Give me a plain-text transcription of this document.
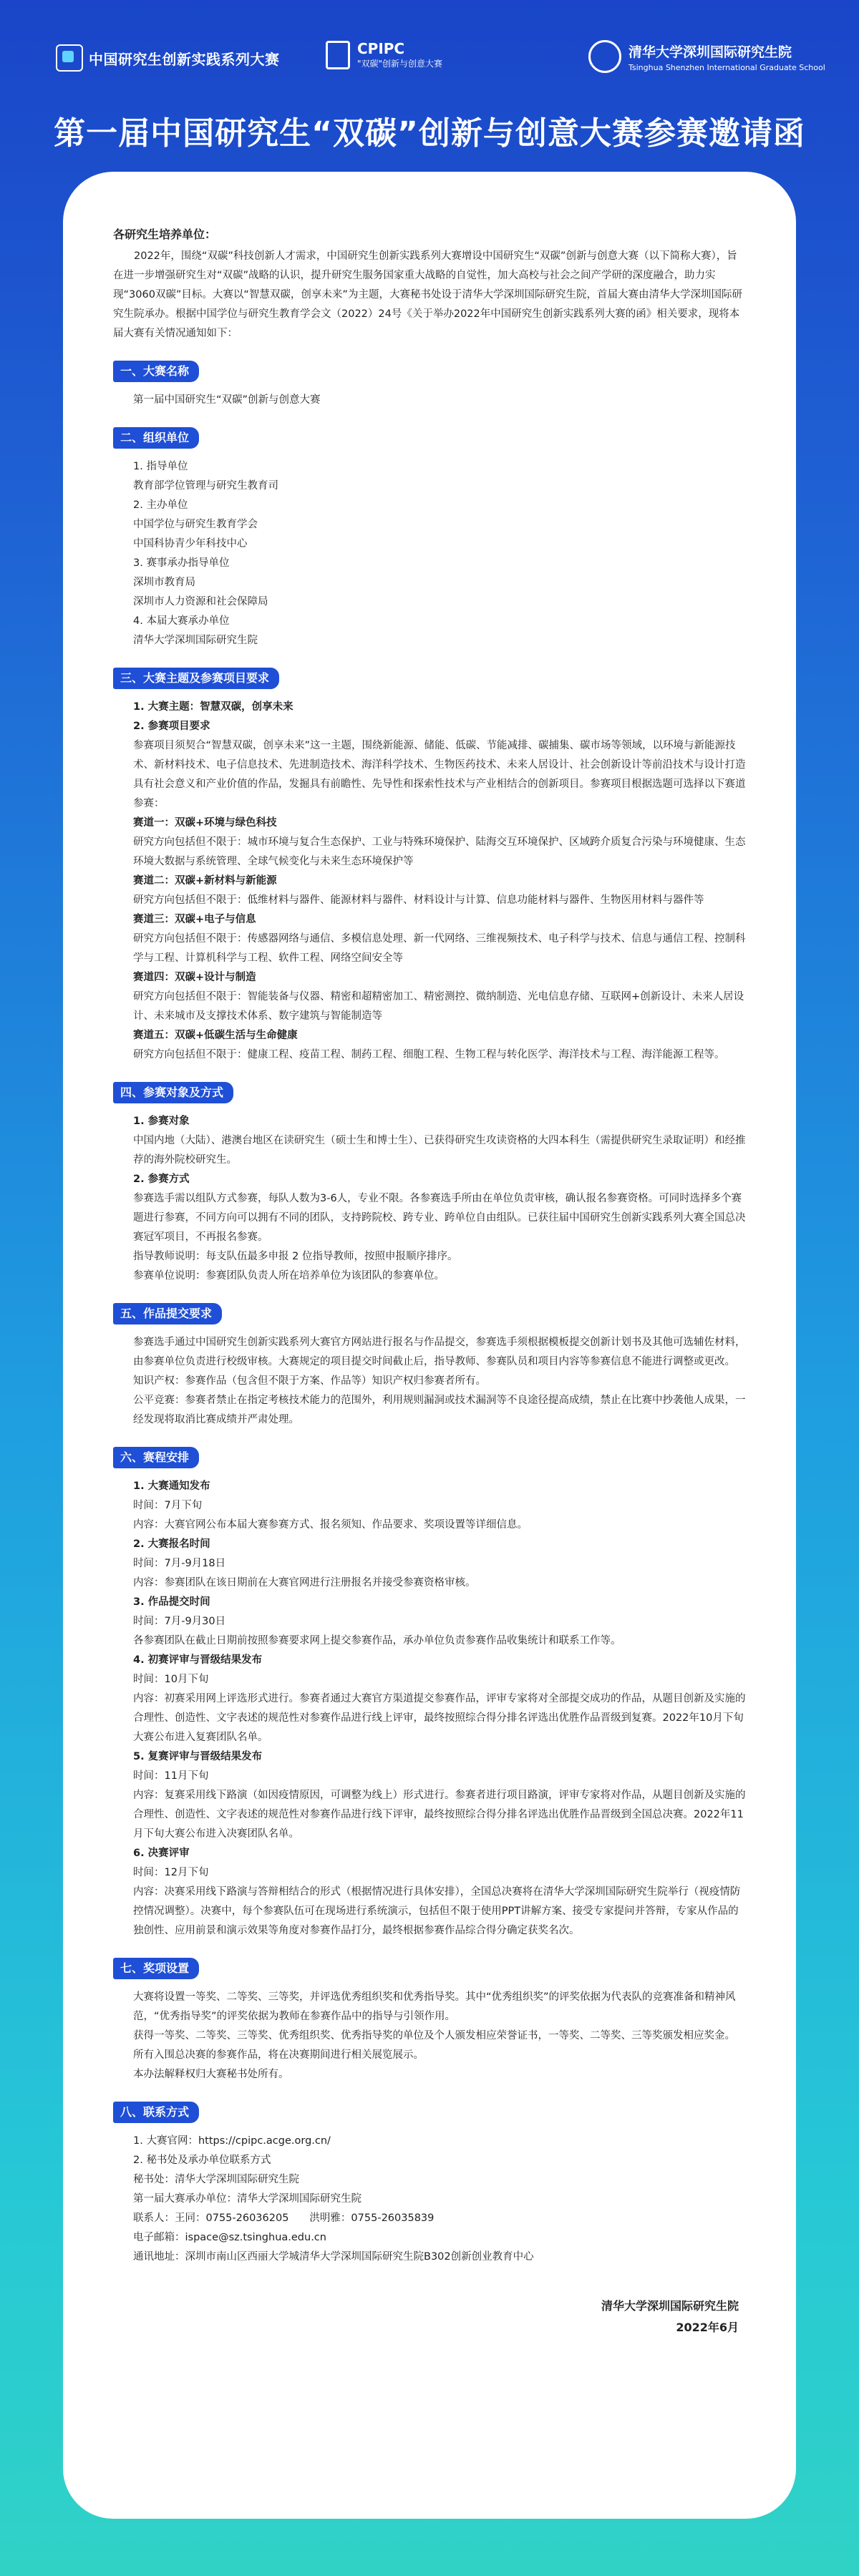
中国研究生创新实践系列大赛
CPIPC
"双碳"创新与创意大赛
清华大学深圳国际研究生院
Tsinghua Shenzhen International Graduate School
第一届中国研究生“双碳”创新与创意大赛参赛邀请函
各研究生培养单位：
2022年，围绕“双碳”科技创新人才需求，中国研究生创新实践系列大赛增设中国研究生“双碳”创新与创意大赛（以下简称大赛），旨在进一步增强研究生对“双碳”战略的认识，提升研究生服务国家重大战略的自觉性，加大高校与社会之间产学研的深度融合，助力实现“3060双碳”目标。大赛以“智慧双碳，创享未来”为主题，大赛秘书处设于清华大学深圳国际研究生院，首届大赛由清华大学深圳国际研究生院承办。根据中国学位与研究生教育学会文（2022）24号《关于举办2022年中国研究生创新实践系列大赛的函》相关要求，现将本届大赛有关情况通知如下：
一、大赛名称
第一届中国研究生“双碳”创新与创意大赛
二、组织单位
1. 指导单位
教育部学位管理与研究生教育司
2. 主办单位
中国学位与研究生教育学会
中国科协青少年科技中心
3. 赛事承办指导单位
深圳市教育局
深圳市人力资源和社会保障局
4. 本届大赛承办单位
清华大学深圳国际研究生院
三、大赛主题及参赛项目要求
1. 大赛主题：智慧双碳，创享未来
2. 参赛项目要求
参赛项目须契合“智慧双碳，创享未来”这一主题，围绕新能源、储能、低碳、节能减排、碳捕集、碳市场等领域，以环境与新能源技术、新材料技术、电子信息技术、先进制造技术、海洋科学技术、生物医药技术、未来人居设计、社会创新设计等前沿技术与设计打造具有社会意义和产业价值的作品，发掘具有前瞻性、先导性和探索性技术与产业相结合的创新项目。参赛项目根据选题可选择以下赛道参赛：
赛道一：双碳+环境与绿色科技
研究方向包括但不限于：城市环境与复合生态保护、工业与特殊环境保护、陆海交互环境保护、区域跨介质复合污染与环境健康、生态环境大数据与系统管理、全球气候变化与未来生态环境保护等
赛道二：双碳+新材料与新能源
研究方向包括但不限于：低维材料与器件、能源材料与器件、材料设计与计算、信息功能材料与器件、生物医用材料与器件等
赛道三：双碳+电子与信息
研究方向包括但不限于：传感器网络与通信、多模信息处理、新一代网络、三维视频技术、电子科学与技术、信息与通信工程、控制科学与工程、计算机科学与工程、软件工程、网络空间安全等
赛道四：双碳+设计与制造
研究方向包括但不限于：智能装备与仪器、精密和超精密加工、精密测控、微纳制造、光电信息存储、互联网+创新设计、未来人居设计、未来城市及支撑技术体系、数字建筑与智能制造等
赛道五：双碳+低碳生活与生命健康
研究方向包括但不限于：健康工程、疫苗工程、制药工程、细胞工程、生物工程与转化医学、海洋技术与工程、海洋能源工程等。
四、参赛对象及方式
1. 参赛对象
中国内地（大陆）、港澳台地区在读研究生（硕士生和博士生）、已获得研究生攻读资格的大四本科生（需提供研究生录取证明）和经推荐的海外院校研究生。
2. 参赛方式
参赛选手需以组队方式参赛，每队人数为3-6人，专业不限。各参赛选手所由在单位负责审核，确认报名参赛资格。可同时选择多个赛题进行参赛，不同方向可以拥有不同的团队，支持跨院校、跨专业、跨单位自由组队。已获往届中国研究生创新实践系列大赛全国总决赛冠军项目，不再报名参赛。
指导教师说明：每支队伍最多申报 2 位指导教师，按照申报顺序排序。
参赛单位说明：参赛团队负责人所在培养单位为该团队的参赛单位。
五、作品提交要求
参赛选手通过中国研究生创新实践系列大赛官方网站进行报名与作品提交，参赛选手须根据模板提交创新计划书及其他可选辅佐材料，由参赛单位负责进行校级审核。大赛规定的项目提交时间截止后，指导教师、参赛队员和项目内容等参赛信息不能进行调整或更改。
知识产权：参赛作品（包含但不限于方案、作品等）知识产权归参赛者所有。
公平竞赛：参赛者禁止在指定考核技术能力的范围外，利用规则漏洞或技术漏洞等不良途径提高成绩，禁止在比赛中抄袭他人成果，一经发现将取消比赛成绩并严肃处理。
六、赛程安排
1. 大赛通知发布
时间：7月下旬
内容：大赛官网公布本届大赛参赛方式、报名须知、作品要求、奖项设置等详细信息。
2. 大赛报名时间
时间：7月-9月18日
内容：参赛团队在该日期前在大赛官网进行注册报名并接受参赛资格审核。
3. 作品提交时间
时间：7月-9月30日
各参赛团队在截止日期前按照参赛要求网上提交参赛作品，承办单位负责参赛作品收集统计和联系工作等。
4. 初赛评审与晋级结果发布
时间：10月下旬
内容：初赛采用网上评选形式进行。参赛者通过大赛官方渠道提交参赛作品，评审专家将对全部提交成功的作品，从题目创新及实施的合理性、创造性、文字表述的规范性对参赛作品进行线上评审，最终按照综合得分排名评选出优胜作品晋级到复赛。2022年10月下旬大赛公布进入复赛团队名单。
5. 复赛评审与晋级结果发布
时间：11月下旬
内容：复赛采用线下路演（如因疫情原因，可调整为线上）形式进行。参赛者进行项目路演，评审专家将对作品，从题目创新及实施的合理性、创造性、文字表述的规范性对参赛作品进行线下评审，最终按照综合得分排名评选出优胜作品晋级到全国总决赛。2022年11月下旬大赛公布进入决赛团队名单。
6. 决赛评审
时间：12月下旬
内容：决赛采用线下路演与答辩相结合的形式（根据情况进行具体安排），全国总决赛将在清华大学深圳国际研究生院举行（视疫情防控情况调整）。决赛中，每个参赛队伍可在现场进行系统演示，包括但不限于使用PPT讲解方案、接受专家提问并答辩，专家从作品的独创性、应用前景和演示效果等角度对参赛作品打分，最终根据参赛作品综合得分确定获奖名次。
七、奖项设置
大赛将设置一等奖、二等奖、三等奖，并评选优秀组织奖和优秀指导奖。其中“优秀组织奖”的评奖依据为代表队的竞赛准备和精神风范，“优秀指导奖”的评奖依据为教师在参赛作品中的指导与引领作用。
获得一等奖、二等奖、三等奖、优秀组织奖、优秀指导奖的单位及个人颁发相应荣誉证书，一等奖、二等奖、三等奖颁发相应奖金。
所有入围总决赛的参赛作品，将在决赛期间进行相关展览展示。
本办法解释权归大赛秘书处所有。
八、联系方式
1. 大赛官网：https://cpipc.acge.org.cn/
2. 秘书处及承办单位联系方式
秘书处：清华大学深圳国际研究生院
第一届大赛承办单位：清华大学深圳国际研究生院
联系人：王同：0755-26036205　　洪明雅：0755-26035839
电子邮箱：ispace@sz.tsinghua.edu.cn
通讯地址：深圳市南山区西丽大学城清华大学深圳国际研究生院B302创新创业教育中心
清华大学深圳国际研究生院
2022年6月
